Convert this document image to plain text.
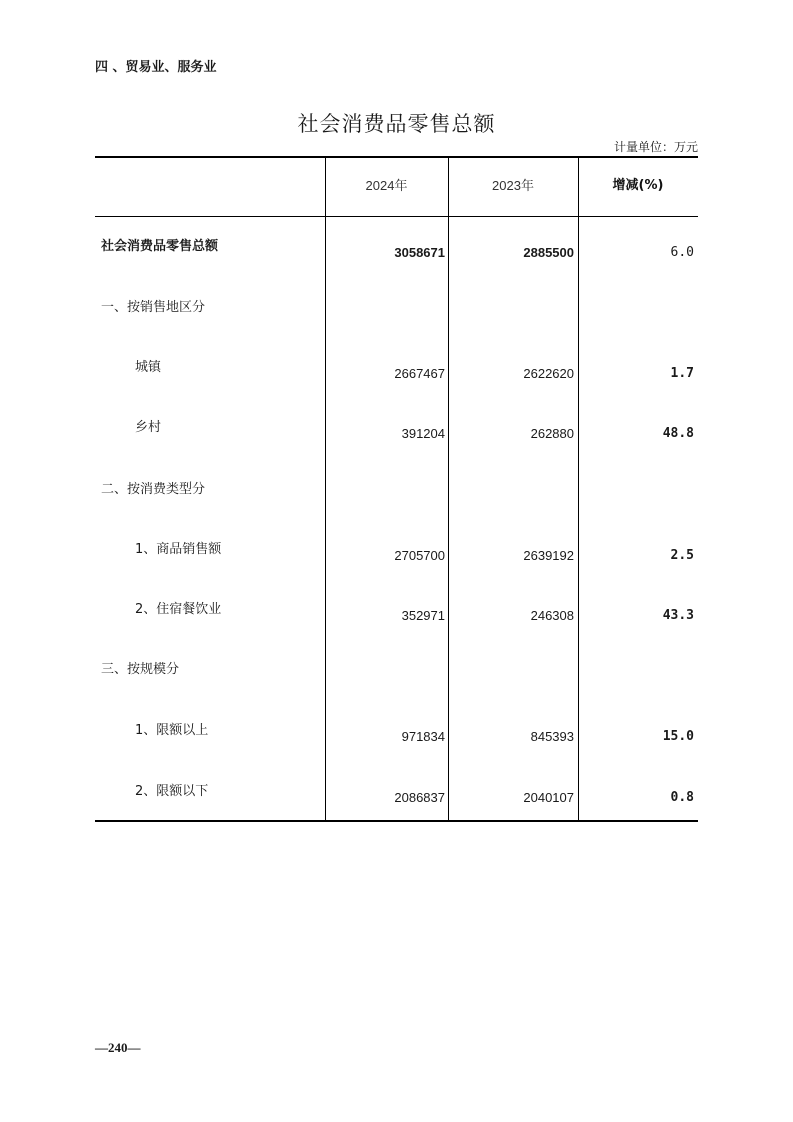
四 、贸易业、服务业
社会消费品零售总额
计量单位：万元
2024年	2023年	增减(%)
社会消费品零售总额	3058671	2885500	6.0
一、按销售地区分
城镇	2667467	2622620	1.7
乡村	391204	262880	48.8
二、按消费类型分
1、商品销售额	2705700	2639192	2.5
2、住宿餐饮业	352971	246308	43.3
三、按规模分
1、限额以上	971834	845393	15.0
2、限额以下	2086837	2040107	0.8
—240—
